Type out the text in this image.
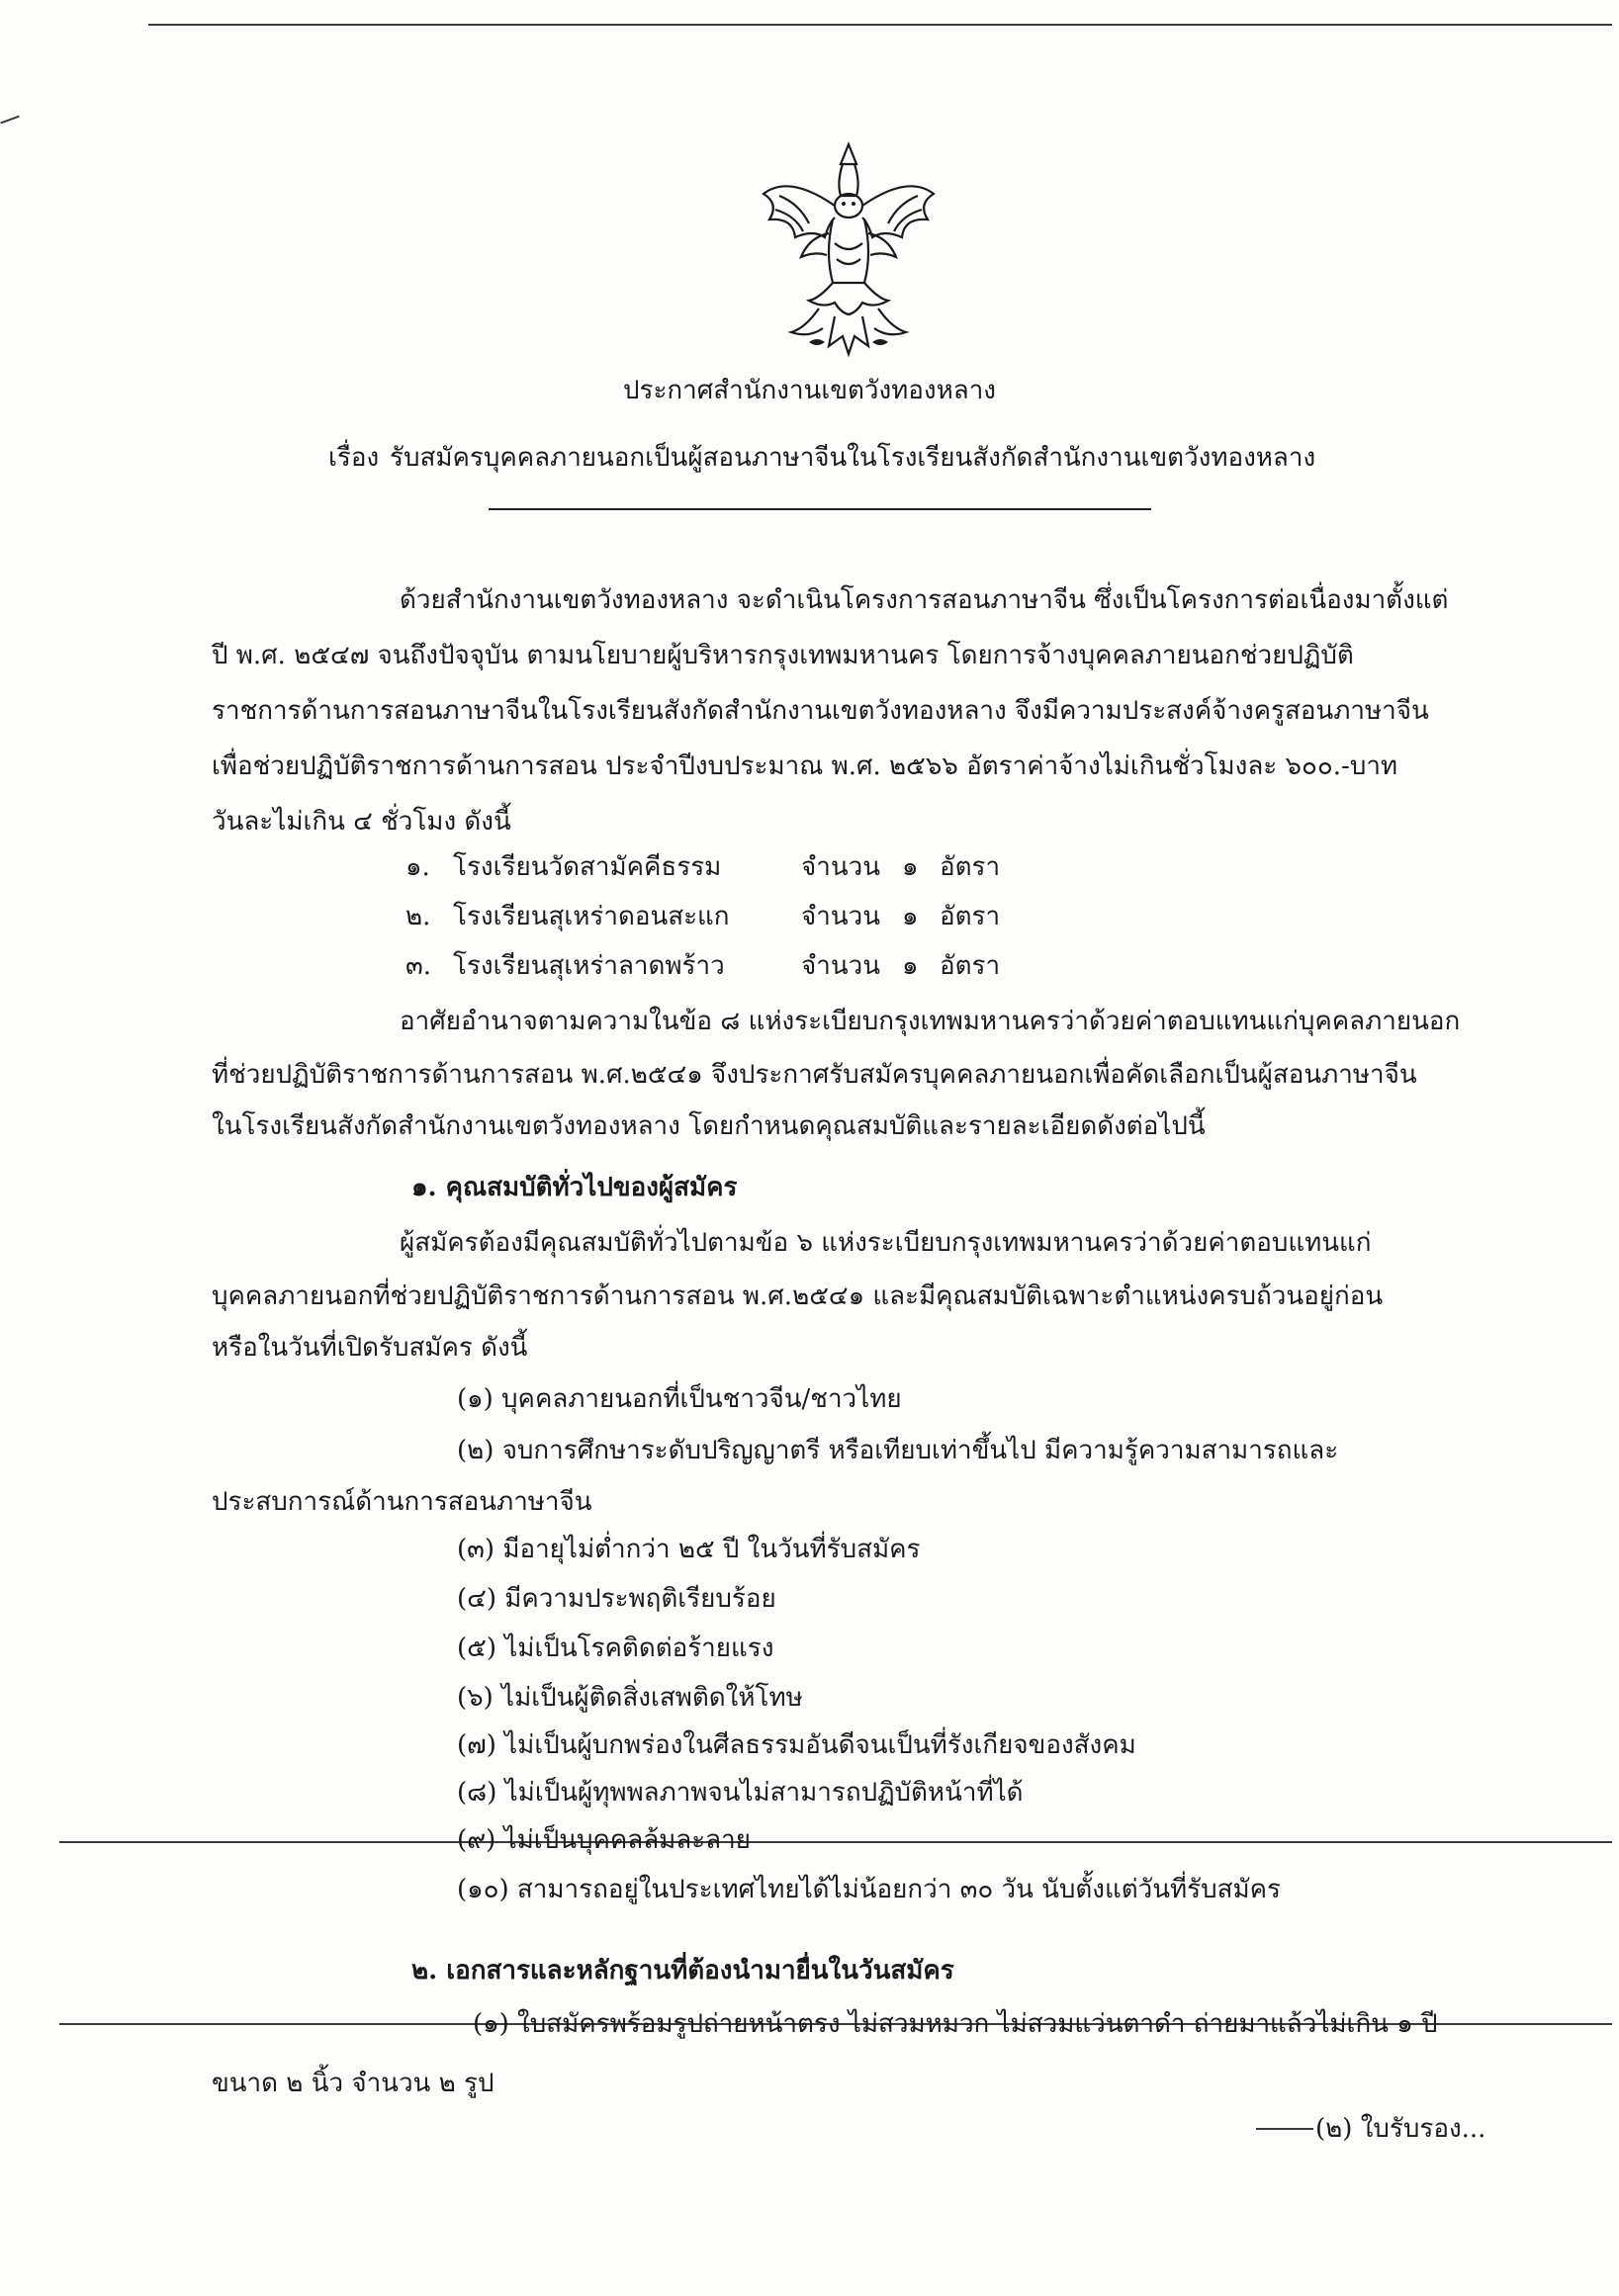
ประกาศสำนักงานเขตวังทองหลาง
เรื่อง รับสมัครบุคคลภายนอกเป็นผู้สอนภาษาจีนในโรงเรียนสังกัดสำนักงานเขตวังทองหลาง
ด้วยสำนักงานเขตวังทองหลาง จะดำเนินโครงการสอนภาษาจีน ซึ่งเป็นโครงการต่อเนื่องมาตั้งแต่
ปี พ.ศ. ๒๕๔๗ จนถึงปัจจุบัน ตามนโยบายผู้บริหารกรุงเทพมหานคร โดยการจ้างบุคคลภายนอกช่วยปฏิบัติ
ราชการด้านการสอนภาษาจีนในโรงเรียนสังกัดสำนักงานเขตวังทองหลาง จึงมีความประสงค์จ้างครูสอนภาษาจีน
เพื่อช่วยปฏิบัติราชการด้านการสอน ประจำปีงบประมาณ พ.ศ. ๒๕๖๖ อัตราค่าจ้างไม่เกินชั่วโมงละ ๖๐๐.-บาท
วันละไม่เกิน ๔ ชั่วโมง ดังนี้
๑. โรงเรียนวัดสามัคคีธรรม	จำนวน ๑ อัตรา
๒. โรงเรียนสุเหร่าดอนสะแก	จำนวน ๑ อัตรา
๓. โรงเรียนสุเหร่าลาดพร้าว	จำนวน ๑ อัตรา
อาศัยอำนาจตามความในข้อ ๘ แห่งระเบียบกรุงเทพมหานครว่าด้วยค่าตอบแทนแก่บุคคลภายนอก
ที่ช่วยปฏิบัติราชการด้านการสอน พ.ศ.๒๕๔๑ จึงประกาศรับสมัครบุคคลภายนอกเพื่อคัดเลือกเป็นผู้สอนภาษาจีน
ในโรงเรียนสังกัดสำนักงานเขตวังทองหลาง โดยกำหนดคุณสมบัติและรายละเอียดดังต่อไปนี้
๑. คุณสมบัติทั่วไปของผู้สมัคร
ผู้สมัครต้องมีคุณสมบัติทั่วไปตามข้อ ๖ แห่งระเบียบกรุงเทพมหานครว่าด้วยค่าตอบแทนแก่
บุคคลภายนอกที่ช่วยปฏิบัติราชการด้านการสอน พ.ศ.๒๕๔๑ และมีคุณสมบัติเฉพาะตำแหน่งครบถ้วนอยู่ก่อน
หรือในวันที่เปิดรับสมัคร ดังนี้
(๑) บุคคลภายนอกที่เป็นชาวจีน/ชาวไทย
(๒) จบการศึกษาระดับปริญญาตรี หรือเทียบเท่าขึ้นไป มีความรู้ความสามารถและ
ประสบการณ์ด้านการสอนภาษาจีน
(๓) มีอายุไม่ต่ำกว่า ๒๕ ปี ในวันที่รับสมัคร
(๔) มีความประพฤติเรียบร้อย
(๕) ไม่เป็นโรคติดต่อร้ายแรง
(๖) ไม่เป็นผู้ติดสิ่งเสพติดให้โทษ
(๗) ไม่เป็นผู้บกพร่องในศีลธรรมอันดีจนเป็นที่รังเกียจของสังคม
(๘) ไม่เป็นผู้ทุพพลภาพจนไม่สามารถปฏิบัติหน้าที่ได้
(๙) ไม่เป็นบุคคลล้มละลาย
(๑๐) สามารถอยู่ในประเทศไทยได้ไม่น้อยกว่า ๓๐ วัน นับตั้งแต่วันที่รับสมัคร
๒. เอกสารและหลักฐานที่ต้องนำมายื่นในวันสมัคร
(๑) ใบสมัครพร้อมรูปถ่ายหน้าตรง ไม่สวมหมวก ไม่สวมแว่นตาดำ ถ่ายมาแล้วไม่เกิน ๑ ปี
ขนาด ๒ นิ้ว จำนวน ๒ รูป
(๒) ใบรับรอง...
